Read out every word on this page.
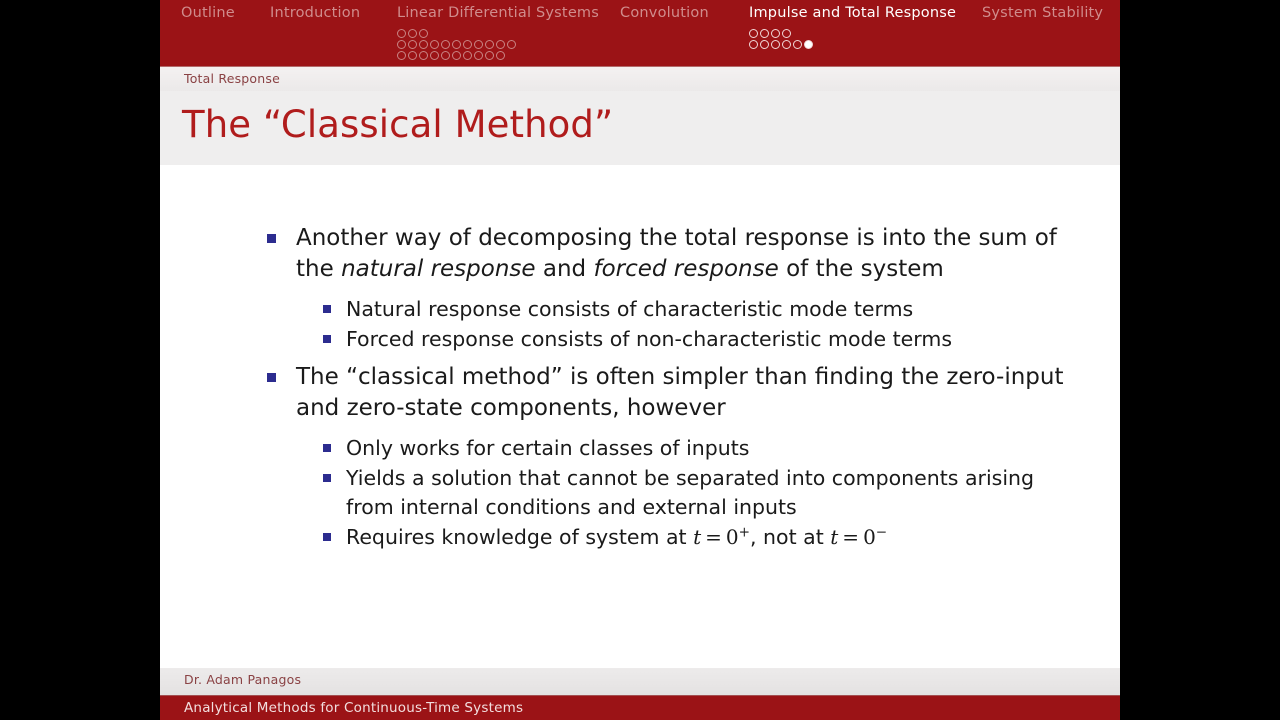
Outline Introduction	Linear Differential Systems Convolution	Impulse and Total Response System Stability
Total Response
The “Classical Method”
Another way of decomposing the total response is into the sum of the natural response and forced response of the system
Natural response consists of characteristic mode terms
Forced response consists of non-characteristic mode terms
The “classical method” is often simpler than finding the zero-input and zero-state components, however
Only works for certain classes of inputs
Yields a solution that cannot be separated into components arising from internal conditions and external inputs
Requires knowledge of system at t = 0+, not at t = 0−
Dr. Adam Panagos
Analytical Methods for Continuous-Time Systems
